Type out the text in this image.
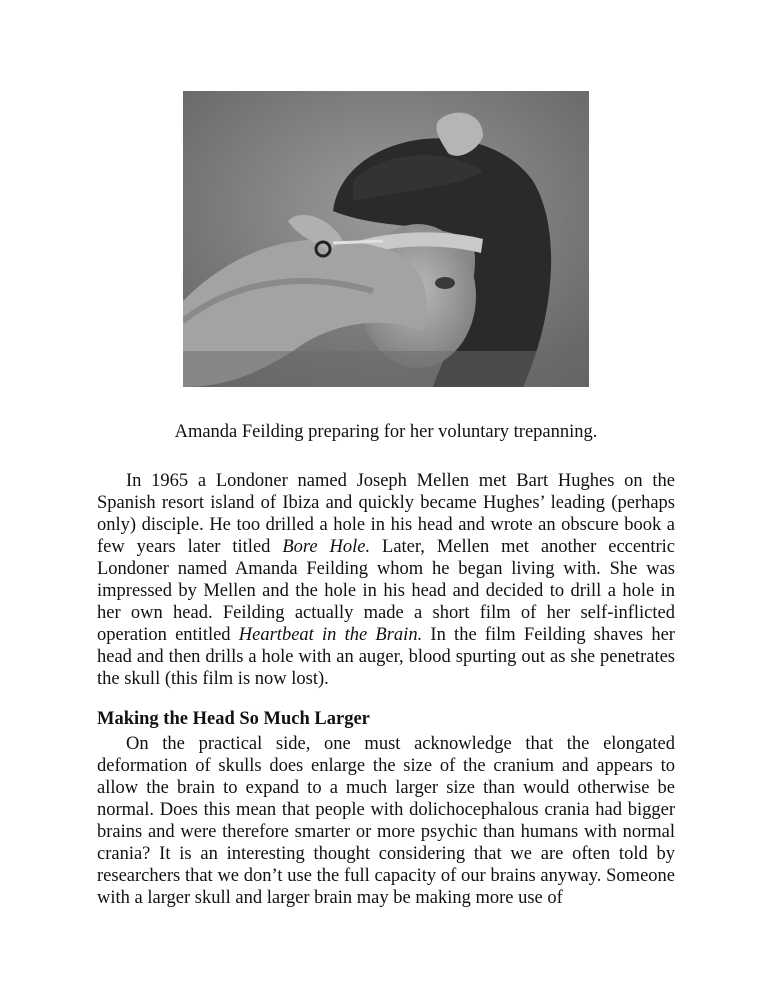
Amanda Feilding preparing for her voluntary trepanning.

In 1965 a Londoner named Joseph Mellen met Bart Hughes on the Spanish resort island of Ibiza and quickly became Hughes’ leading (perhaps only) disciple. He too drilled a hole in his head and wrote an obscure book a few years later titled Bore Hole. Later, Mellen met another eccentric Londoner named Amanda Feilding whom he began living with. She was impressed by Mellen and the hole in his head and decided to drill a hole in her own head. Feilding actually made a short film of her self-inflicted operation entitled Heartbeat in the Brain. In the film Feilding shaves her head and then drills a hole with an auger, blood spurting out as she penetrates the skull (this film is now lost).

Making the Head So Much Larger

On the practical side, one must acknowledge that the elongated deformation of skulls does enlarge the size of the cranium and appears to allow the brain to expand to a much larger size than would otherwise be normal. Does this mean that people with dolichocephalous crania had bigger brains and were therefore smarter or more psychic than humans with normal crania? It is an interesting thought considering that we are often told by researchers that we don’t use the full capacity of our brains anyway. Someone with a larger skull and larger brain may be making more use of
